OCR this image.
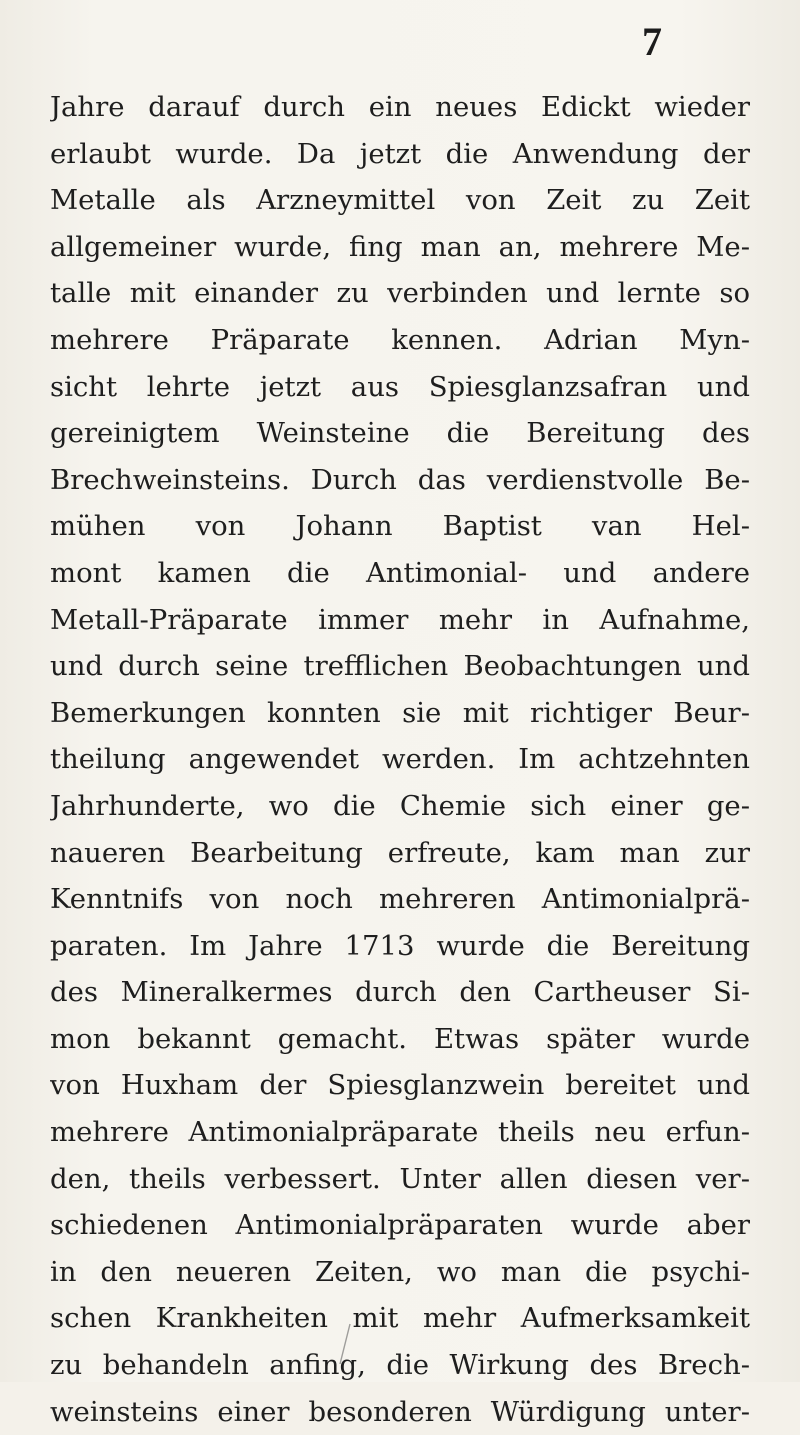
7
Jahre darauf durch ein neues Edickt wieder
erlaubt wurde. Da jetzt die Anwendung der
Metalle als Arzneymittel von Zeit zu Zeit
allgemeiner wurde, fing man an, mehrere Me-
talle mit einander zu verbinden und lernte so
mehrere Präparate kennen. Adrian Myn-
sicht lehrte jetzt aus Spiesglanzsafran und
gereinigtem Weinsteine die Bereitung des
Brechweinsteins. Durch das verdienstvolle Be-
mühen von Johann Baptist van Hel-
mont kamen die Antimonial- und andere
Metall-Präparate immer mehr in Aufnahme,
und durch seine trefflichen Beobachtungen und
Bemerkungen konnten sie mit richtiger Beur-
theilung angewendet werden. Im achtzehnten
Jahrhunderte, wo die Chemie sich einer ge-
naueren Bearbeitung erfreute, kam man zur
Kenntnifs von noch mehreren Antimonialprä-
paraten. Im Jahre 1713 wurde die Bereitung
des Mineralkermes durch den Cartheuser Si-
mon bekannt gemacht. Etwas später wurde
von Huxham der Spiesglanzwein bereitet und
mehrere Antimonialpräparate theils neu erfun-
den, theils verbessert. Unter allen diesen ver-
schiedenen Antimonialpräparaten wurde aber
in den neueren Zeiten, wo man die psychi-
schen Krankheiten mit mehr Aufmerksamkeit
zu behandeln anfing, die Wirkung des Brech-
weinsteins einer besonderen Würdigung unter-
